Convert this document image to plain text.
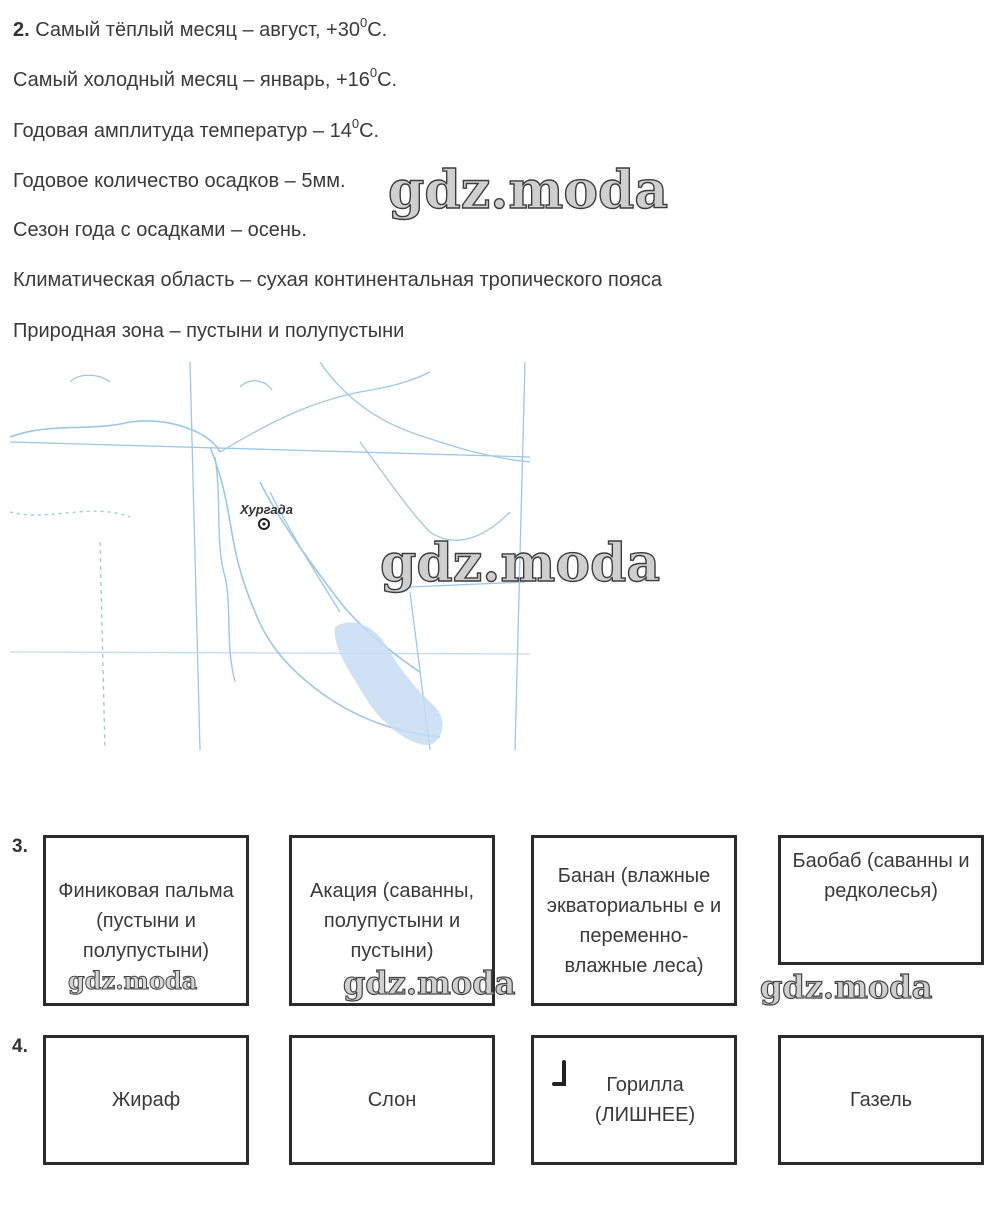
2. Самый тёплый месяц – август, $+30^0C$.
Самый холодный месяц – январь, $+16^0C$.
Годовая амплитуда температур – $14^0C$.
Годовое количество осадков – 5мм.
Сезон года с осадками – осень.
Климатическая область – сухая континентальная тропического пояса
Природная зона – пустыни и полупустыни
gdz.moda
Хургада
gdz.moda
3.
Финиковая пальма (пустыни и полупустыни)
Акация (саванны, полупустыни и пустыни)
Банан (влажные экваториальны е и переменно-влажные леса)
Баобаб (саванны и редколесья)
gdz.moda	gdz.moda	gdz.moda
4.
Жираф	Слон
Горилла (ЛИШНЕЕ)
Газель
